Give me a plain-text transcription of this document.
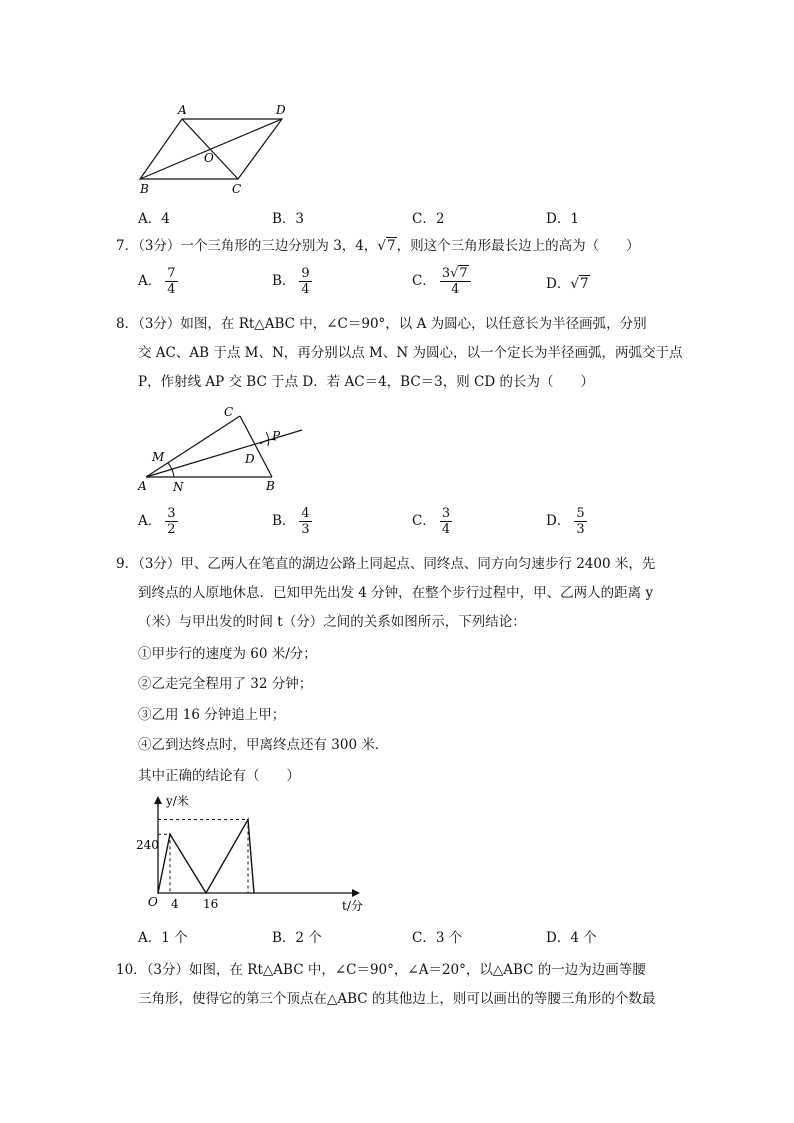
A	D
O
B	C
A．4	B．3	C．2	D．1
7．（3分）一个三角形的三边分别为 3，4，√7，则这个三角形最长边上的高为（　　）
A． $\frac{7}{4}$	B． $\frac{9}{4}$	C． $\frac{3√7}{4}$	D．√7
8．（3分）如图，在 Rt△ABC 中，∠C＝90°，以 A 为圆心，以任意长为半径画弧，分别
交 AC、AB 于点 M、N，再分别以点 M、N 为圆心，以一个定长为半径画弧，两弧交于点
P，作射线 AP 交 BC 于点 D．若 AC＝4，BC＝3，则 CD 的长为（　　）
C
P
M	D
A N	B
A． $\frac{3}{2}$	B． $\frac{4}{3}$	C． $\frac{3}{4}$	D． $\frac{5}{3}$
9．（3分）甲、乙两人在笔直的湖边公路上同起点、同终点、同方向匀速步行 2400 米，先
到终点的人原地休息．已知甲先出发 4 分钟，在整个步行过程中，甲、乙两人的距离 y
（米）与甲出发的时间 t（分）之间的关系如图所示，下列结论：
①甲步行的速度为 60 米/分；
②乙走完全程用了 32 分钟；
③乙用 16 分钟追上甲；
④乙到达终点时，甲离终点还有 300 米．
其中正确的结论有（　　）
y/米
t/分
O
240
4 16
A．1 个	B．2 个	C．3 个	D．4 个
10．（3分）如图，在 Rt△ABC 中，∠C＝90°，∠A＝20°，以△ABC 的一边为边画等腰
三角形，使得它的第三个顶点在△ABC 的其他边上，则可以画出的等腰三角形的个数最
